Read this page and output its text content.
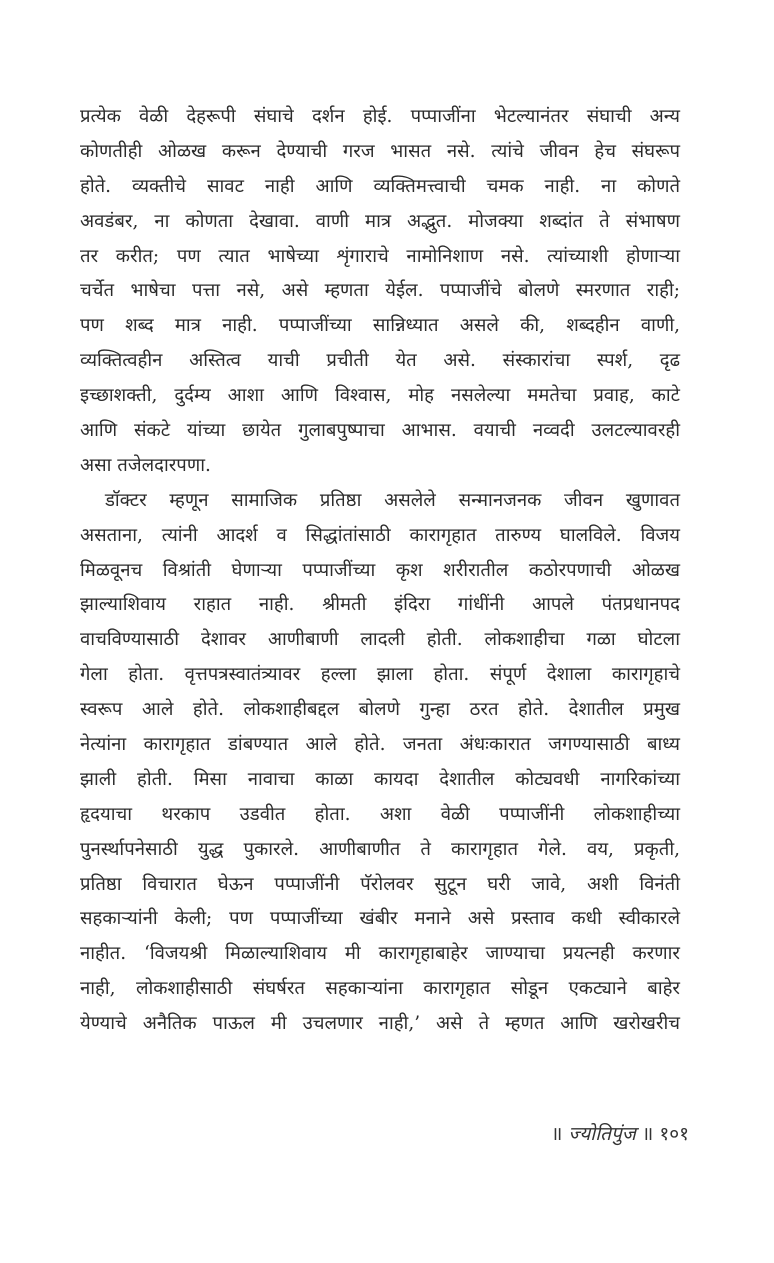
प्रत्येक वेळी देहरूपी संघाचे दर्शन होई. पप्पाजींना भेटल्यानंतर संघाची अन्य
कोणतीही ओळख करून देण्याची गरज भासत नसे. त्यांचे जीवन हेच संघरूप
होते. व्यक्तीचे सावट नाही आणि व्यक्तिमत्त्वाची चमक नाही. ना कोणते
अवडंबर, ना कोणता देखावा. वाणी मात्र अद्भुत. मोजक्या शब्दांत ते संभाषण
तर करीत; पण त्यात भाषेच्या शृंगाराचे नामोनिशाण नसे. त्यांच्याशी होणाऱ्या
चर्चेत भाषेचा पत्ता नसे, असे म्हणता येईल. पप्पाजींचे बोलणे स्मरणात राही;
पण शब्द मात्र नाही. पप्पाजींच्या सान्निध्यात असले की, शब्दहीन वाणी,
व्यक्तित्वहीन अस्तित्व याची प्रचीती येत असे. संस्कारांचा स्पर्श, दृढ
इच्छाशक्ती, दुर्दम्य आशा आणि विश्वास, मोह नसलेल्या ममतेचा प्रवाह, काटे
आणि संकटे यांच्या छायेत गुलाबपुष्पाचा आभास. वयाची नव्वदी उलटल्यावरही
असा तजेलदारपणा.
डॉक्टर म्हणून सामाजिक प्रतिष्ठा असलेले सन्मानजनक जीवन खुणावत
असताना, त्यांनी आदर्श व सिद्धांतांसाठी कारागृहात तारुण्य घालविले. विजय
मिळवूनच विश्रांती घेणाऱ्या पप्पाजींच्या कृश शरीरातील कठोरपणाची ओळख
झाल्याशिवाय राहात नाही. श्रीमती इंदिरा गांधींनी आपले पंतप्रधानपद
वाचविण्यासाठी देशावर आणीबाणी लादली होती. लोकशाहीचा गळा घोटला
गेला होता. वृत्तपत्रस्वातंत्र्यावर हल्ला झाला होता. संपूर्ण देशाला कारागृहाचे
स्वरूप आले होते. लोकशाहीबद्दल बोलणे गुन्हा ठरत होते. देशातील प्रमुख
नेत्यांना कारागृहात डांबण्यात आले होते. जनता अंधःकारात जगण्यासाठी बाध्य
झाली होती. मिसा नावाचा काळा कायदा देशातील कोट्यवधी नागरिकांच्या
हृदयाचा थरकाप उडवीत होता. अशा वेळी पप्पाजींनी लोकशाहीच्या
पुनर्स्थापनेसाठी युद्ध पुकारले. आणीबाणीत ते कारागृहात गेले. वय, प्रकृती,
प्रतिष्ठा विचारात घेऊन पप्पाजींनी पॅरोलवर सुटून घरी जावे, अशी विनंती
सहकाऱ्यांनी केली; पण पप्पाजींच्या खंबीर मनाने असे प्रस्ताव कधी स्वीकारले
नाहीत. ‘विजयश्री मिळाल्याशिवाय मी कारागृहाबाहेर जाण्याचा प्रयत्नही करणार
नाही, लोकशाहीसाठी संघर्षरत सहकाऱ्यांना कारागृहात सोडून एकट्याने बाहेर
येण्याचे अनैतिक पाऊल मी उचलणार नाही,’ असे ते म्हणत आणि खरोखरीच
॥ ज्योतिपुंज ॥ १०१
